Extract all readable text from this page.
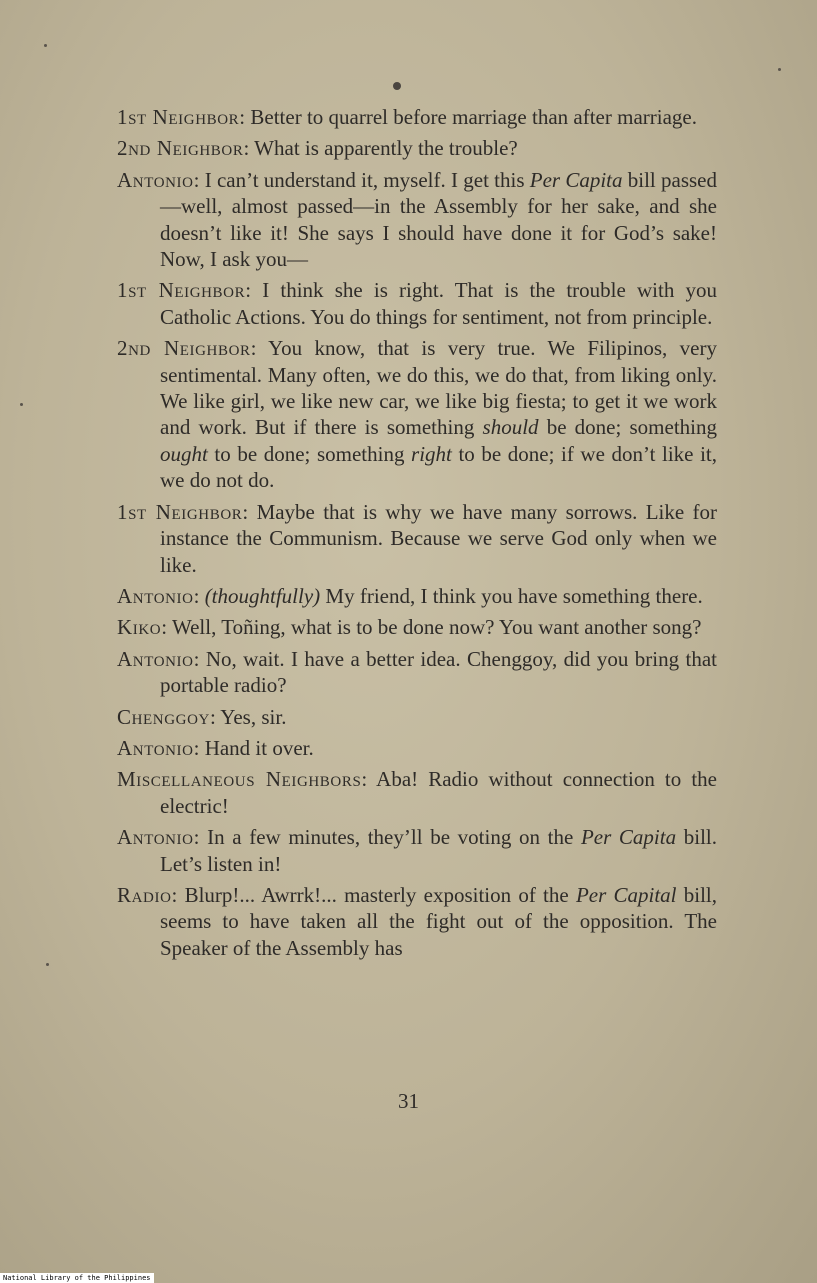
1st Neighbor: Better to quarrel before marriage than after marriage.

2nd Neighbor: What is apparently the trouble?

Antonio: I can’t understand it, myself. I get this Per Capita bill passed—well, almost passed—in the Assembly for her sake, and she doesn’t like it! She says I should have done it for God’s sake! Now, I ask you—

1st Neighbor: I think she is right. That is the trouble with you Catholic Actions. You do things for sentiment, not from principle.

2nd Neighbor: You know, that is very true. We Filipinos, very sentimental. Many often, we do this, we do that, from liking only. We like girl, we like new car, we like big fiesta; to get it we work and work. But if there is something should be done; something ought to be done; something right to be done; if we don’t like it, we do not do.

1st Neighbor: Maybe that is why we have many sorrows. Like for instance the Communism. Because we serve God only when we like.

Antonio: (thoughtfully) My friend, I think you have something there.

Kiko: Well, Toñing, what is to be done now? You want another song?

Antonio: No, wait. I have a better idea. Chenggoy, did you bring that portable radio?

Chenggoy: Yes, sir.

Antonio: Hand it over.

Miscellaneous Neighbors: Aba! Radio without connection to the electric!

Antonio: In a few minutes, they’ll be voting on the Per Capita bill. Let’s listen in!

Radio: Blurp!... Awrrk!... masterly exposition of the Per Capital bill, seems to have taken all the fight out of the opposition. The Speaker of the Assembly has

31
National Library of the Philippines
